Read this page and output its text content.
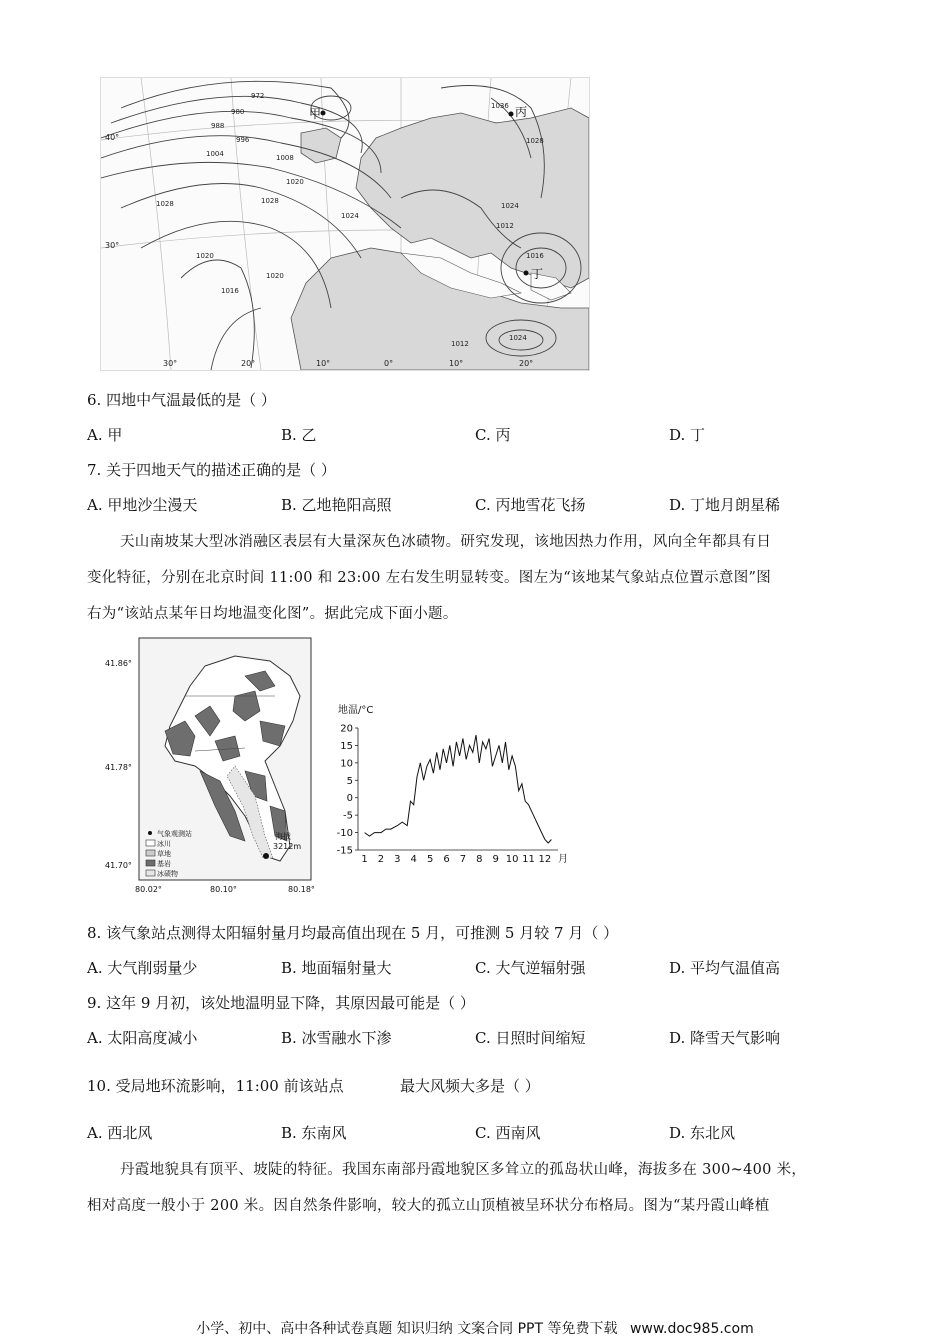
972
980
988
996
1004	1008
1020
1028
1024
1020
1016
1020
1028
1036
1028
1012
1024
1016
1012
1024
甲	丙
丁
40°
30°
30°	20°	10°	0°	10°	20°
6. 四地中气温最低的是（ ）
A. 甲	B. 乙	C. 丙	D. 丁
7. 关于四地天气的描述正确的是（ ）
A. 甲地沙尘漫天	B. 乙地艳阳高照	C. 丙地雪花飞扬	D. 丁地月朗星稀
天山南坡某大型冰消融区表层有大量深灰色冰碛物。研究发现，该地因热力作用，风向全年都具有日
变化特征，分别在北京时间 11:00 和 23:00 左右发生明显转变。图左为“该地某气象站点位置示意图”图
右为“该站点某年日均地温变化图”。据此完成下面小题。
海拔
3212m
气象观测站
冰川
草地
基岩
冰碛物
41.86°
41.78°
41.70°
80.02°	80.10°	80.18°
地温/°C
20
15
10
5
0
-5
-10
-15
1 2 3 4 5 6 7 8 9 10 11 12 月
8. 该气象站点测得太阳辐射量月均最高值出现在 5 月，可推测 5 月较 7 月（ ）
A. 大气削弱量少	B. 地面辐射量大	C. 大气逆辐射强	D. 平均气温值高
9. 这年 9 月初，该处地温明显下降，其原因最可能是（ ）
A. 太阳高度减小	B. 冰雪融水下渗	C. 日照时间缩短	D. 降雪天气影响
10. 受局地环流影响，11:00 前该站点	最大风频大多是（ ）
A. 西北风	B. 东南风	C. 西南风	D. 东北风
丹霞地貌具有顶平、坡陡的特征。我国东南部丹霞地貌区多耸立的孤岛状山峰，海拔多在 300~400 米，
相对高度一般小于 200 米。因自然条件影响，较大的孤立山顶植被呈环状分布格局。图为“某丹霞山峰植
小学、初中、高中各种试卷真题 知识归纳 文案合同 PPT 等免费下载 www.doc985.com
